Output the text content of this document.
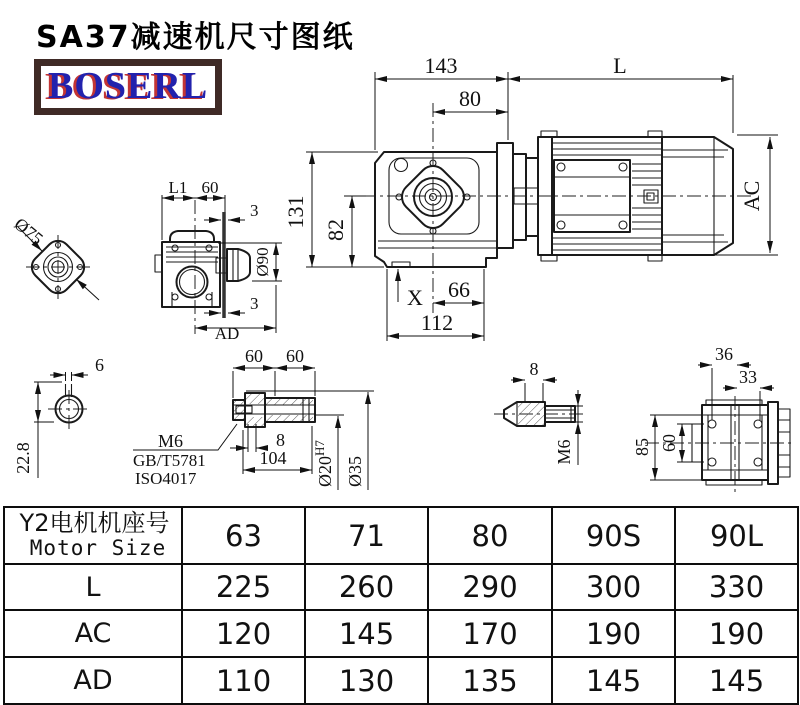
SA37减速机尺寸图纸
BOSERL	143	L
80
131
82
AC
X 66
112
Ø75
L1 60
3
3
Ø90
AD
6
22.8
60 60
8
104 $Ø20^{H7}$
Ø35
M6
GB/T5781
ISO4017
8
M6
36
33
85 60
Y2电机机座号
Motor Size	63	71	80	90S	90L
L	225	260	290	300	330
AC	120	145	170	190	190
AD	110	130	135	145	145
